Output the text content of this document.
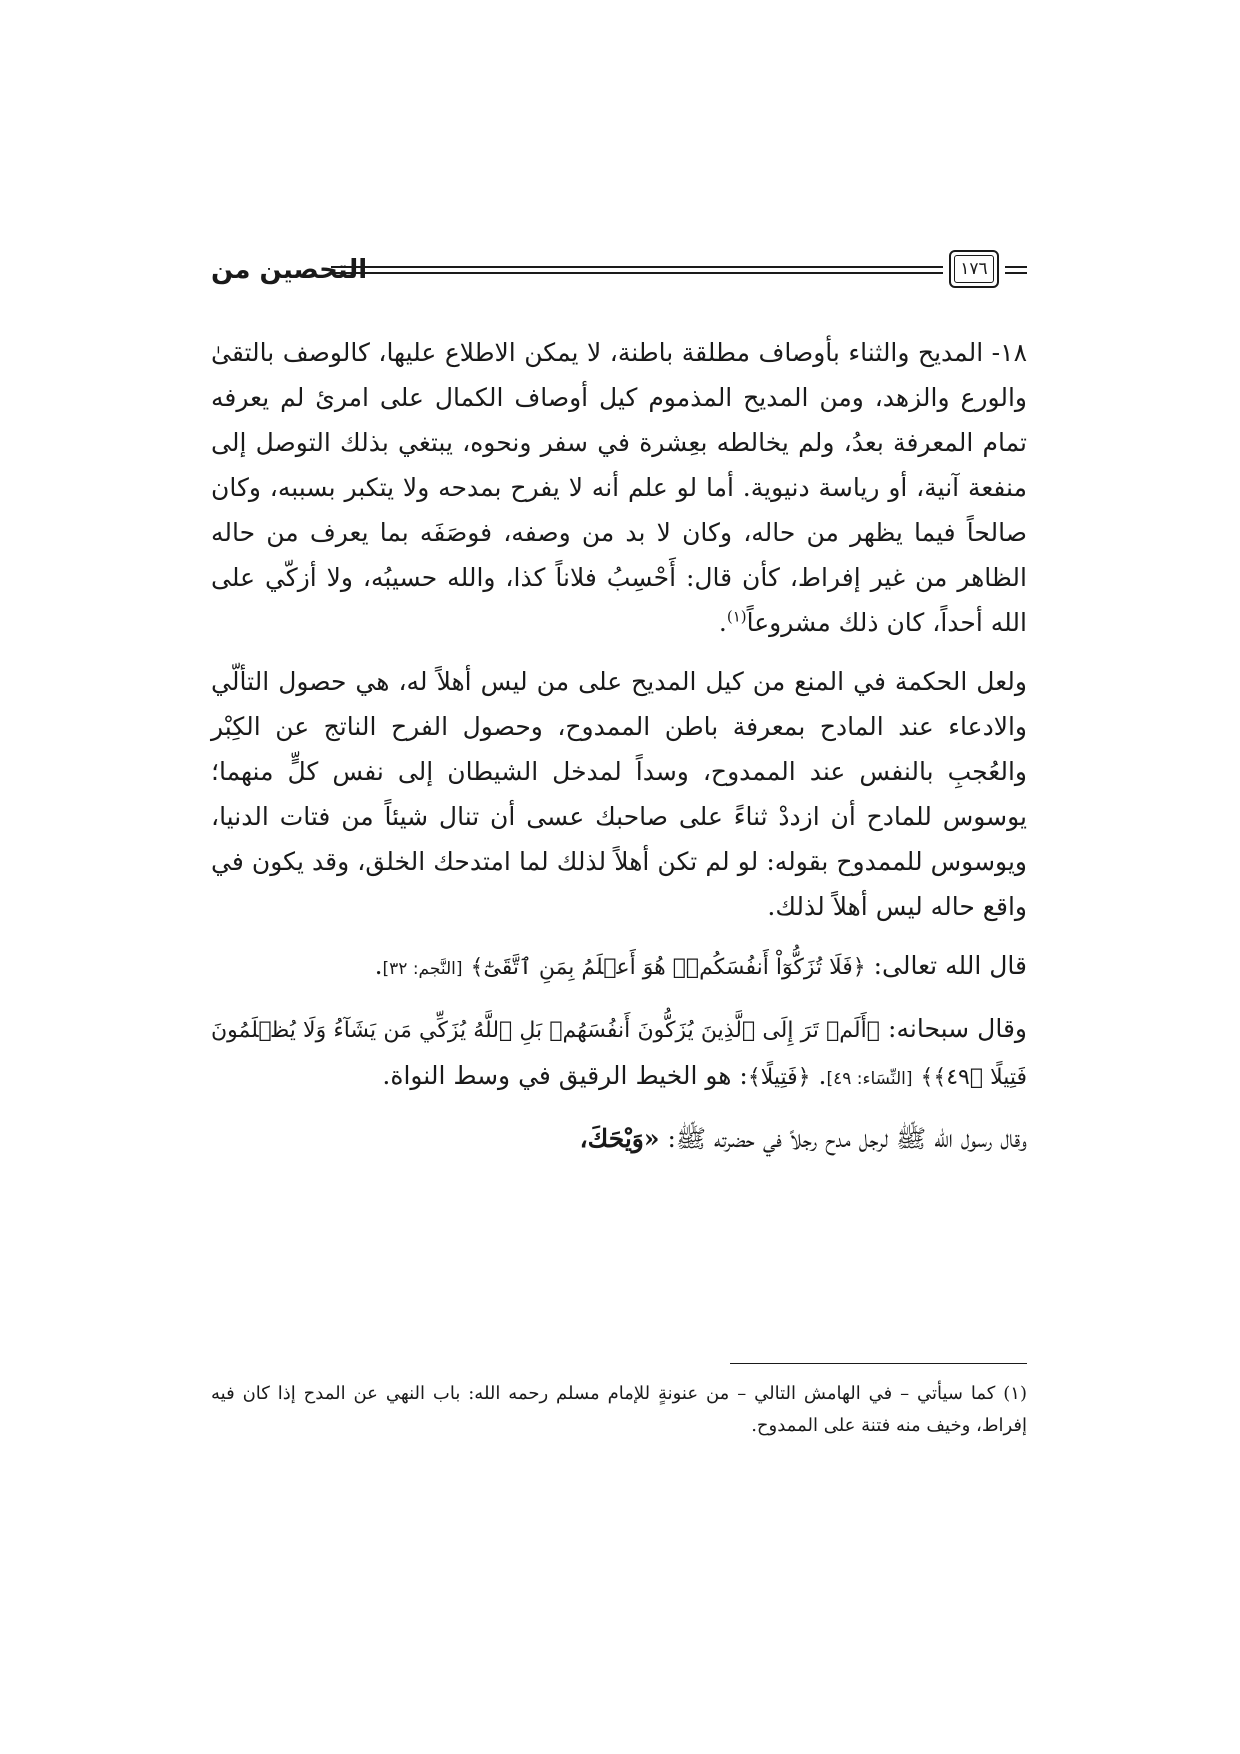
التحصين من	١٧٦

١٨- المديح والثناء بأوصاف مطلقة باطنة، لا يمكن الاطلاع عليها، كالوصف بالتقىٰ والورع والزهد، ومن المديح المذموم كيل أوصاف الكمال على امرئ لم يعرفه تمام المعرفة بعدُ، ولم يخالطه بعِشرة في سفر ونحوه، يبتغي بذلك التوصل إلى منفعة آنية، أو رياسة دنيوية. أما لو علم أنه لا يفرح بمدحه ولا يتكبر بسببه، وكان صالحاً فيما يظهر من حاله، وكان لا بد من وصفه، فوصَفَه بما يعرف من حاله الظاهر من غير إفراط، كأن قال: أَحْسِبُ فلاناً كذا، والله حسيبُه، ولا أزكّي على الله أحداً، كان ذلك مشروعاً$^{(١)}$.

ولعل الحكمة في المنع من كيل المديح على من ليس أهلاً له، هي حصول التألّي والادعاء عند المادح بمعرفة باطن الممدوح، وحصول الفرح الناتج عن الكِبْر والعُجبِ بالنفس عند الممدوح، وسداً لمدخل الشيطان إلى نفس كلٍّ منهما؛ يوسوس للمادح أن ازددْ ثناءً على صاحبك عسى أن تنال شيئاً من فتات الدنيا، ويوسوس للممدوح بقوله: لو لم تكن أهلاً لذلك لما امتدحك الخلق، وقد يكون في واقع حاله ليس أهلاً لذلك.

قال الله تعالى: ﴿فَلَا تُزَكُّوٓاْ أَنفُسَكُمۡۖ هُوَ أَعۡلَمُ بِمَنِ ٱتَّقَىٰٓ﴾ [النَّجم: ٣٢].

وقال سبحانه: ﴿أَلَمۡ تَرَ إِلَى ٱلَّذِينَ يُزَكُّونَ أَنفُسَهُمۚ بَلِ ٱللَّهُ يُزَكِّي مَن يَشَآءُ وَلَا يُظۡلَمُونَ فَتِيلًا ﴿٤٩﴾﴾ [النِّسَاء: ٤٩]. ﴿فَتِيلًا﴾: هو الخيط الرقيق في وسط النواة.

وقال رسول الله ﷺ لرجل مدح رجلاً في حضرته ﷺ: «وَيْحَكَ،

(١) كما سيأتي – في الهامش التالي – من عنونةٍ للإمام مسلم رحمه الله: باب النهي عن المدح إذا كان فيه إفراط، وخيف منه فتنة على الممدوح.
